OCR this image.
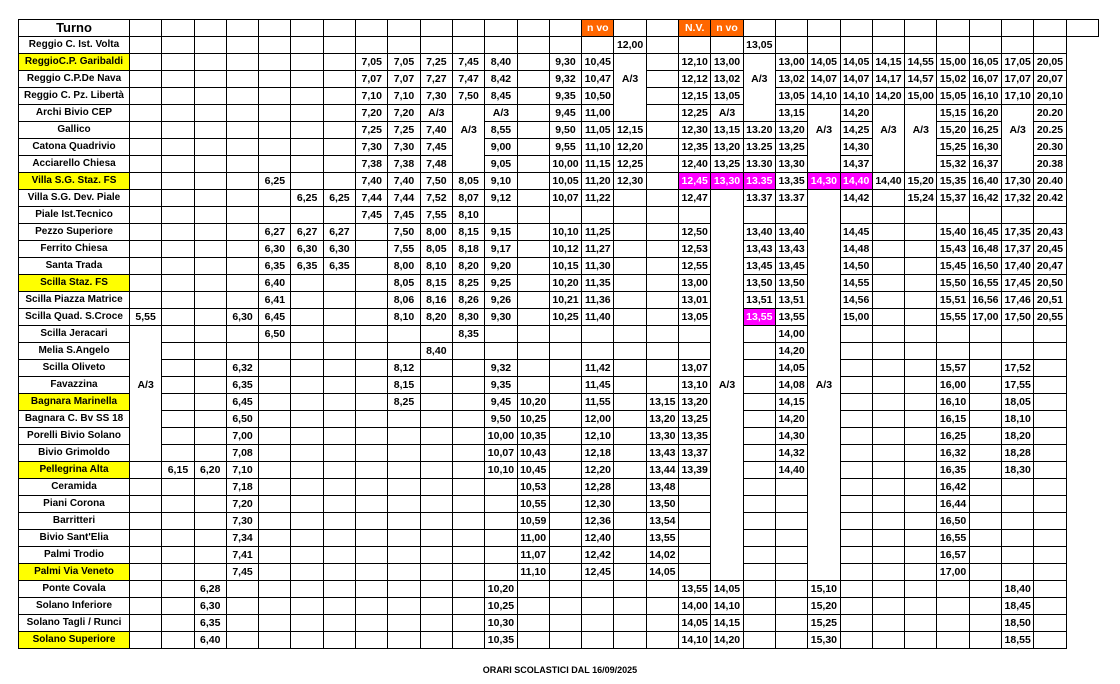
Turno															n vo			N.V.	n vo											
Reggio C. Ist. Volta																12,00				13,05										
ReggioC.P. Garibaldi								7,05	7,05	7,25	7,45	8,40		9,30	10,45			12,10	13,00		13,00	14,05	14,05	14,15	14,55	15,00	16,05	17,05	20,05	
Reggio C.P.De Nava								7,07	7,07	7,27	7,47	8,42		9,32	10,47	A/3		12,12	13,02	A/3	13,02	14,07	14,07	14,17	14,57	15,02	16,07	17,07	20,07	
Reggio C. Pz. Libertà								7,10	7,10	7,30	7,50	8,45		9,35	10,50			12,15	13,05		13,05	14,10	14,10	14,20	15,00	15,05	16,10	17,10	20,10	
Archi Bivio CEP								7,20	7,20	A/3		A/3		9,45	11,00			12,25	A/3		13,15		14,20			15,15	16,20		20.20	
Gallico								7,25	7,25	7,40	A/3	8,55		9,50	11,05	12,15		12,30	13,15	13.20	13,20	A/3	14,25	A/3	A/3	15,20	16,25	A/3	20.25	
Catona Quadrivio								7,30	7,30	7,45		9,00		9,55	11,10	12,20		12,35	13,20	13.25	13,25		14,30			15,25	16,30		20.30	
Acciarello Chiesa								7,38	7,38	7,48		9,05		10,00	11,15	12,25		12,40	13,25	13.30	13,30		14,37			15,32	16,37		20.38	
Villa S.G. Staz. FS					6,25			7,40	7,40	7,50	8,05	9,10		10,05	11,20	12,30		12,45	13,30	13.35	13,35	14,30	14,40	14,40	15,20	15,35	16,40	17,30	20.40	
Villa S.G. Dev. Piale						6,25	6,25	7,44	7,44	7,52	8,07	9,12		10,07	11,22			12,47		13.37	13.37		14,42		15,24	15,37	16,42	17,32	20.42	
Piale Ist.Tecnico								7,45	7,45	7,55	8,10																			
Pezzo Superiore					6,27	6,27	6,27		7,50	8,00	8,15	9,15		10,10	11,25			12,50		13,40	13,40		14,45			15,40	16,45	17,35	20,43	
Ferrito Chiesa					6,30	6,30	6,30		7,55	8,05	8,18	9,17		10,12	11,27			12,53		13,43	13,43		14,48			15,43	16,48	17,37	20,45	
Santa Trada					6,35	6,35	6,35		8,00	8,10	8,20	9,20		10,15	11,30			12,55		13,45	13,45		14,50			15,45	16,50	17,40	20,47	
Scilla Staz. FS					6,40				8,05	8,15	8,25	9,25		10,20	11,35			13,00		13,50	13,50		14,55			15,50	16,55	17,45	20,50	
Scilla Piazza Matrice					6,41				8,06	8,16	8,26	9,26		10,21	11,36			13,01		13,51	13,51		14,56			15,51	16,56	17,46	20,51	
Scilla Quad. S.Croce	5,55			6,30	6,45				8,10	8,20	8,30	9,30		10,25	11,40			13,05		13,55	13,55		15,00			15,55	17,00	17,50	20,55	
Scilla Jeracari					6,50						8,35										14,00									
Melia S.Angelo										8,40											14,20									
Scilla Oliveto				6,32					8,12			9,32			11,42			13,07			14,05					15,57		17,52		
Favazzina	A/3			6,35					8,15			9,35			11,45			13,10	A/3		14,08	A/3				16,00		17,55		
Bagnara Marinella				6,45					8,25			9,45	10,20		11,55		13,15	13,20			14,15					16,10		18,05		
Bagnara C. Bv SS 18				6,50								9,50	10,25		12,00		13,20	13,25			14,20					16,15		18,10		
Porelli Bivio Solano				7,00								10,00	10,35		12,10		13,30	13,35			14,30					16,25		18,20		
Bivio Grimoldo				7,08								10,07	10,43		12,18		13,43	13,37			14,32					16,32		18,28		
Pellegrina Alta		6,15	6,20	7,10								10,10	10,45		12,20		13,44	13,39			14,40					16,35		18,30		
Ceramida				7,18									10,53		12,28		13,48									16,42				
Piani Corona				7,20									10,55		12,30		13,50									16,44				
Barritteri				7,30									10,59		12,36		13,54									16,50				
Bivio Sant'Elia				7,34									11,00		12,40		13,55									16,55				
Palmi Trodio				7,41									11,07		12,42		14,02									16,57				
Palmi Via Veneto				7,45									11,10		12,45		14,05									17,00				
Ponte Covala			6,28									10,20						13,55	14,05			15,10						18,40		
Solano Inferiore			6,30									10,25						14,00	14,10			15,20						18,45		
Solano Tagli / Runci			6,35									10,30						14,05	14,15			15,25						18,50		
Solano Superiore			6,40									10,35						14,10	14,20			15,30						18,55		
ORARI SCOLASTICI DAL 16/09/2025
